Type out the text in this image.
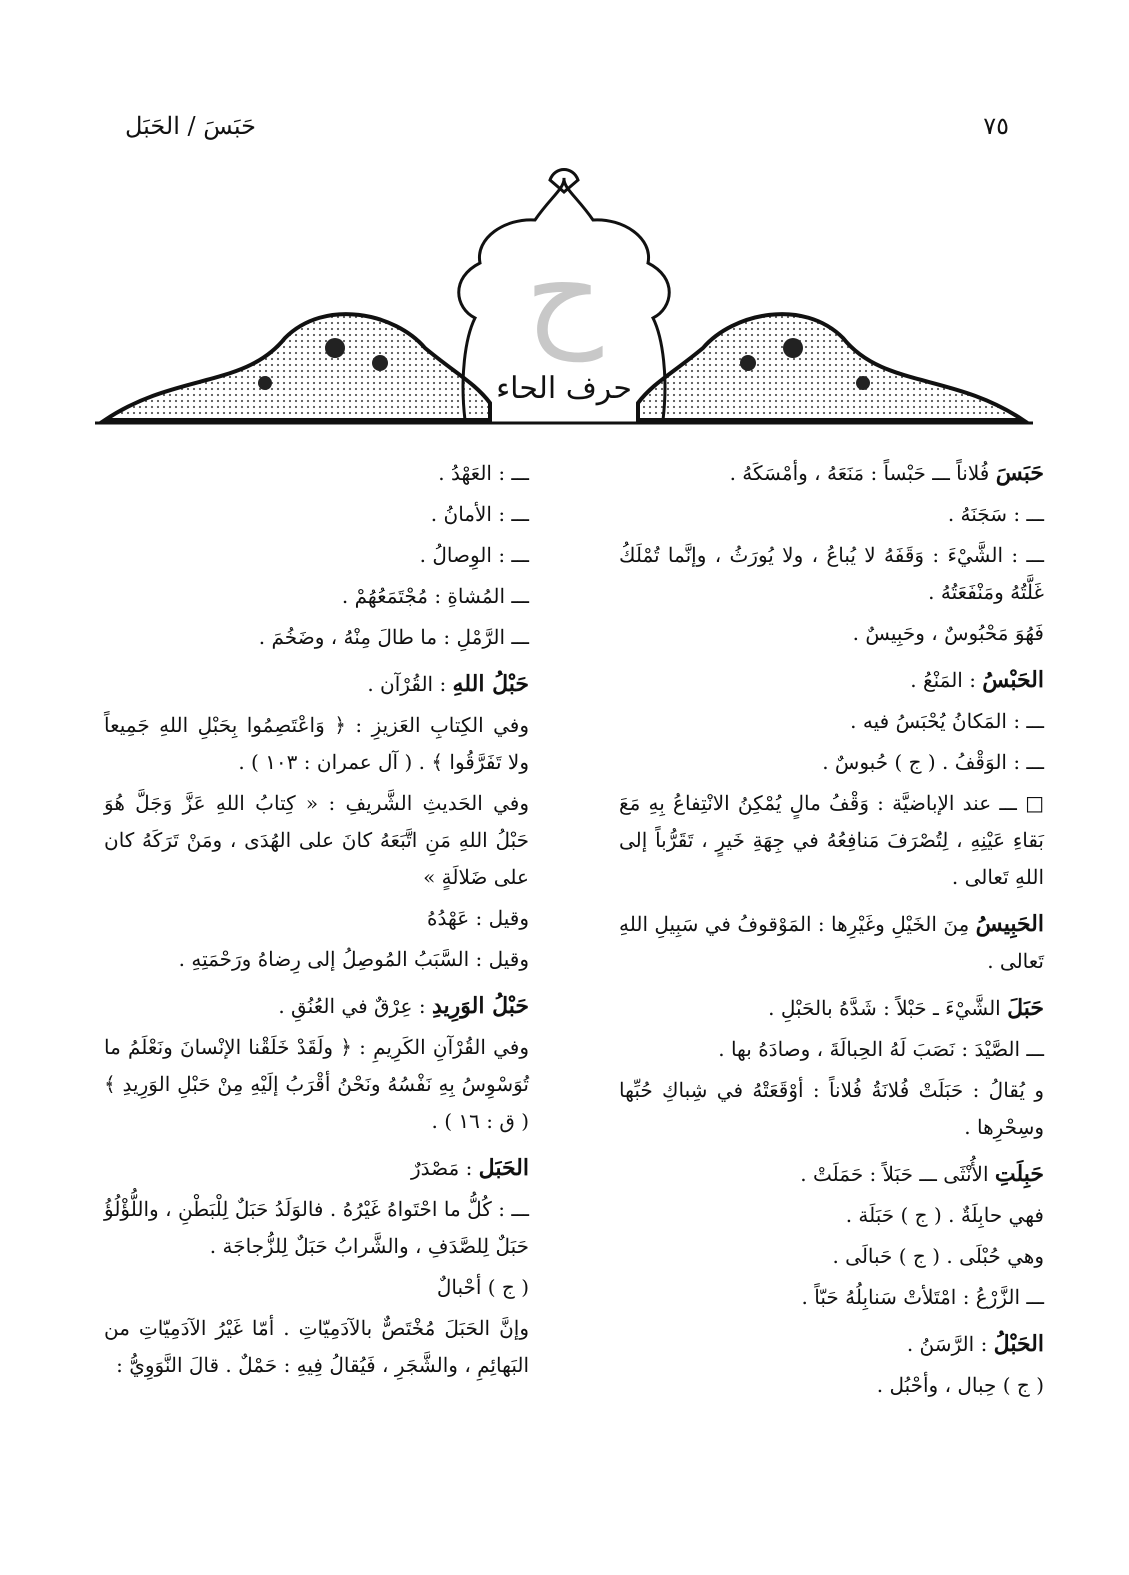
حَبَسَ / الحَبَل	٧٥
ح
حرف الحاء

حَبَسَ فُلاناً ـــ حَبْساً : مَنَعَهُ ، وأمْسَكَهُ .

ـــ : سَجَنَهُ .

ـــ : الشَّيْءَ : وَقَفَهُ لا يُباعُ ، ولا يُورَثُ ، وإنَّما تُمْلَكُ غَلَّتُهُ ومَنْفَعَتُهُ .

فَهُوَ مَحْبُوسٌ ، وحَبِيسٌ .

الحَبْسُ : المَنْعُ .

ـــ : المَكانُ يُحْبَسُ فيه .

ـــ : الوَقْفُ . ( ج ) حُبوسٌ .

□ ـــ عند الإباضيَّة : وَقْفُ مالٍ يُمْكِنُ الانْتِفاعُ بِهِ مَعَ بَقاءِ عَيْنِهِ ، لِتُصْرَفَ مَنافِعُهُ في جِهَةِ خَيرٍ ، تَقَرُّباً إلى اللهِ تَعالى .

الحَبِيسُ مِنَ الخَيْلِ وغَيْرِها : المَوْقوفُ في سَبِيلِ اللهِ تَعالى .

حَبَلَ الشَّيْءَ ـ حَبْلاً : شَدَّهُ بالحَبْلِ .

ـــ الصَّيْدَ : نَصَبَ لَهُ الحِبالَةَ ، وصادَهُ بها .

و يُقالُ : حَبَلَتْ فُلانَةُ فُلاناً : أوْقَعَتْهُ في شِباكِ حُبِّها وسِحْرِها .

حَبِلَتِ الأُنْثَى ـــ حَبَلاً : حَمَلَتْ .

فهي حابِلَةٌ . ( ج ) حَبَلَة .

وهي حُبْلَى . ( ج ) حَبالَى .

ـــ الزَّرْعُ : امْتَلأتْ سَنابِلُهُ حَبّاً .

الحَبْلُ : الرَّسَنُ .

( ج ) حِبال ، وأحْبُل .

ـــ : العَهْدُ .

ـــ : الأمانُ .

ـــ : الوِصالُ .

ـــ المُشاةِ : مُجْتَمَعُهُمْ .

ـــ الرَّمْلِ : ما طالَ مِنْهُ ، وضَخُمَ .

حَبْلُ اللهِ : القُرْآن .

وفي الكِتابِ العَزيزِ : ﴿ وَاعْتَصِمُوا بِحَبْلِ اللهِ جَمِيعاً ولا تَفَرَّقُوا ﴾ . ( آل عمران : ١٠٣ ) .

وفي الحَديثِ الشَّريفِ : « كِتابُ اللهِ عَزَّ وَجَلَّ هُوَ حَبْلُ اللهِ مَنِ اتَّبَعَهُ كانَ على الهُدَى ، ومَنْ تَرَكَهُ كان على ضَلالَةٍ »

وقيل : عَهْدُهُ

وقيل : السَّبَبُ المُوصِلُ إلى رِضاهُ ورَحْمَتِهِ .

حَبْلُ الوَرِيدِ : عِرْقٌ في العُنُقِ .

وفي القُرْآنِ الكَرِيمِ : ﴿ ولَقَدْ خَلَقْنا الإنْسانَ ونَعْلَمُ ما تُوَسْوِسُ بِهِ نَفْسُهُ ونَحْنُ أقْرَبُ إلَيْهِ مِنْ حَبْلِ الوَرِيدِ ﴾ ( ق : ١٦ ) .

الحَبَل : مَصْدَرٌ

ـــ : كُلُّ ما احْتَواهُ غَيْرُهُ . فالوَلَدُ حَبَلٌ لِلْبَطْنِ ، واللُّؤْلُؤُ حَبَلٌ لِلصَّدَفِ ، والشَّرابُ حَبَلٌ لِلزُّجاجَة .

( ج ) أحْبالٌ

وإنَّ الحَبَلَ مُخْتَصٌّ بالآدَمِيّاتِ . أمّا غَيْرُ الآدَمِيّاتِ من البَهائِمِ ، والشَّجَرِ ، فَيُقالُ فِيهِ : حَمْلٌ . قالَ النَّوَوِيُّ :
